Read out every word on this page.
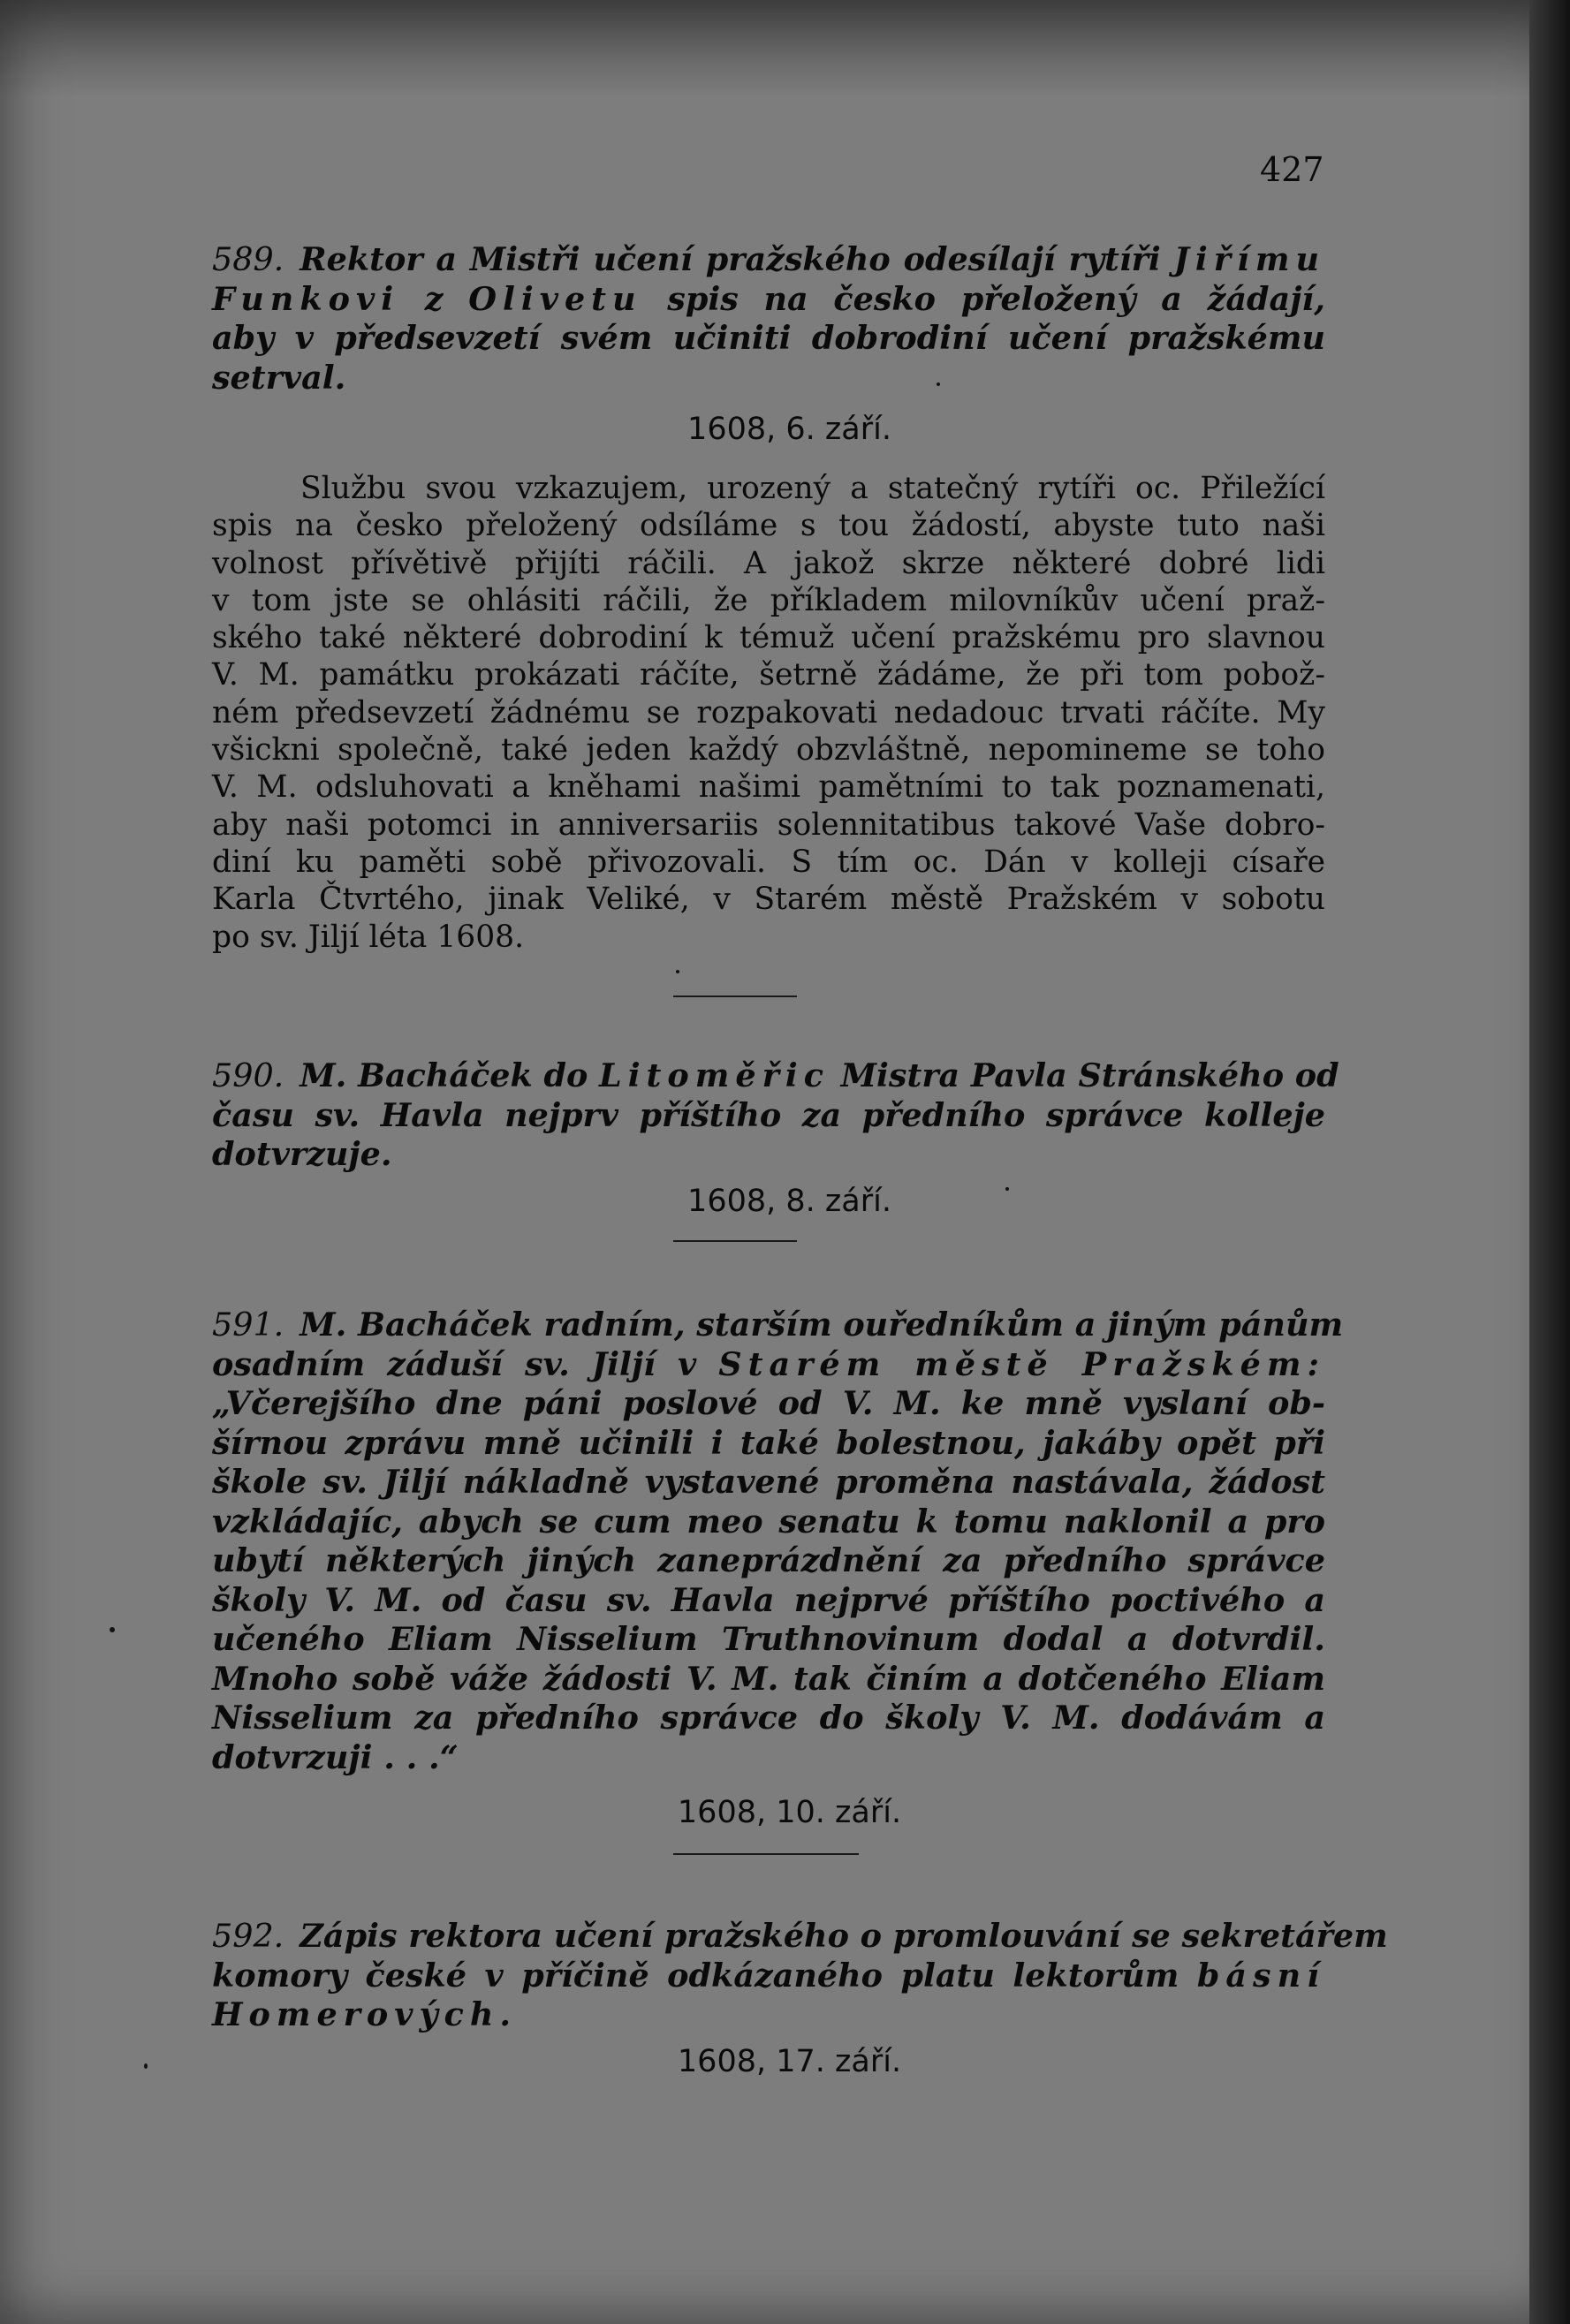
427
589. Rektor a Mistři učení pražského odesílají rytíři Jiřímu
Funkovi z Olivetu spis na česko přeložený a žádají,
aby v předsevzetí svém učiniti dobrodiní učení pražskému
setrval.
1608, 6. září.
Službu svou vzkazujem, urozený a statečný rytíři oc. Přiležící
spis na česko přeložený odsíláme s tou žádostí, abyste tuto naši
volnost přívětivě přijíti ráčili. A jakož skrze některé dobré lidi
v tom jste se ohlásiti ráčili, že příkladem milovníkův učení praž-
ského také některé dobrodiní k témuž učení pražskému pro slavnou
V. M. památku prokázati ráčíte, šetrně žádáme, že při tom pobož-
ném předsevzetí žádnému se rozpakovati nedadouc trvati ráčíte. My
všickni společně, také jeden každý obzvláštně, nepomineme se toho
V. M. odsluhovati a kněhami našimi pamětními to tak poznamenati,
aby naši potomci in anniversariis solennitatibus takové Vaše dobro-
diní ku paměti sobě přivozovali. S tím oc. Dán v kolleji císaře
Karla Čtvrtého, jinak Veliké, v Starém městě Pražském v sobotu
po sv. Jiljí léta 1608.
590. M. Bacháček do Litoměřic Mistra Pavla Stránského od
času sv. Havla nejprv příštího za předního správce kolleje
dotvrzuje.
1608, 8. září.
591. M. Bacháček radním, starším ouředníkům a jiným pánům
osadním záduší sv. Jiljí v Starém městě Pražském:
„Včerejšího dne páni poslové od V. M. ke mně vyslaní ob-
šírnou zprávu mně učinili i také bolestnou, jakáby opět při
škole sv. Jiljí nákladně vystavené proměna nastávala, žádost
vzkládajíc, abych se cum meo senatu k tomu naklonil a pro
ubytí některých jiných zaneprázdnění za předního správce
školy V. M. od času sv. Havla nejprvé příštího poctivého a
učeného Eliam Nisselium Truthnovinum dodal a dotvrdil.
Mnoho sobě váže žádosti V. M. tak činím a dotčeného Eliam
Nisselium za předního správce do školy V. M. dodávám a
dotvrzuji . . .“
1608, 10. září.
592. Zápis rektora učení pražského o promlouvání se sekretářem
komory české v příčině odkázaného platu lektorům básní
Homerových.
1608, 17. září.
